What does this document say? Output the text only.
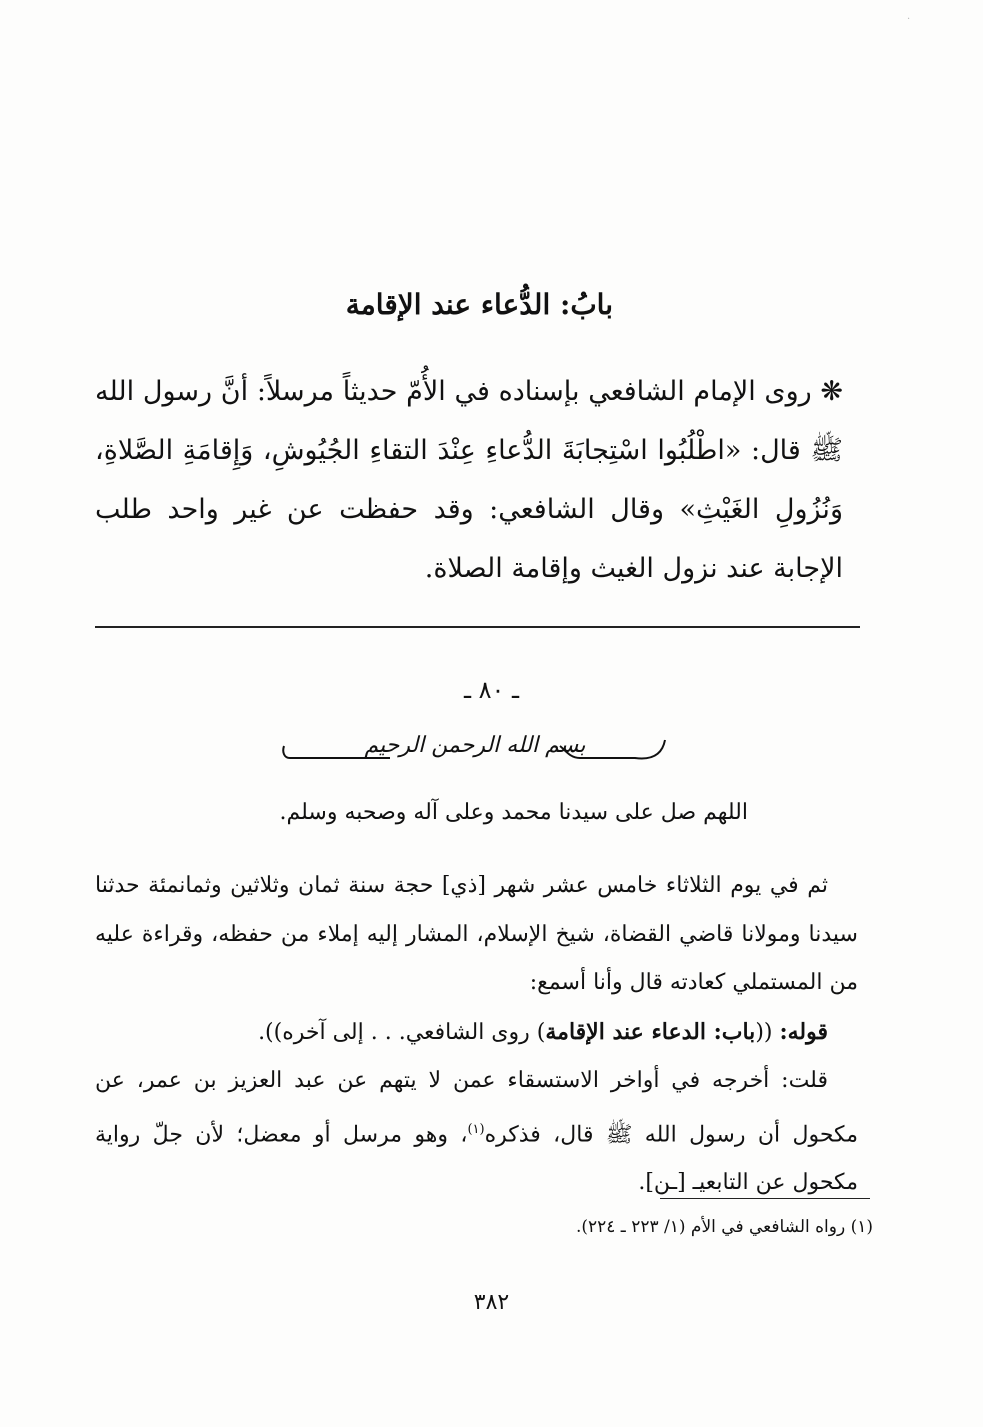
·
بابُ: الدُّعاء عند الإقامة
❋ روى الإمام الشافعي بإسناده في الأُمّ حديثاً مرسلاً: أنَّ رسول الله ﷺ قال: «اطْلُبُوا اسْتِجابَةَ الدُّعاءِ عِنْدَ التقاءِ الجُيُوشِ، وَإِقامَةِ الصَّلاةِ، وَنُزُولِ الغَيْثِ» وقال الشافعي: وقد حفظت عن غير واحد طلب الإجابة عند نزول الغيث وإقامة الصلاة.
ـ ٨٠ ـ
بسم الله الرحمن الرحيم
اللهم صل على سيدنا محمد وعلى آله وصحبه وسلم.

ثم في يوم الثلاثاء خامس عشر شهر [ذي] حجة سنة ثمان وثلاثين وثمانمئة حدثنا سيدنا ومولانا قاضي القضاة، شيخ الإسلام، المشار إليه إملاء من حفظه، وقراءة عليه من المستملي كعادته قال وأنا أسمع:

قوله: ((باب: الدعاء عند الإقامة) روى الشافعي. . . إلى آخره)).

قلت: أخرجه في أواخر الاستسقاء عمن لا يتهم عن عبد العزيز بن عمر، عن مكحول أن رسول الله ﷺ قال، فذكره$^{(١)}$، وهو مرسل أو معضل؛ لأن جلّ رواية مكحول عن التابعيـ [ـن].

(١) رواه الشافعي في الأم (١/ ٢٢٣ ـ ٢٢٤).
٣٨٢
